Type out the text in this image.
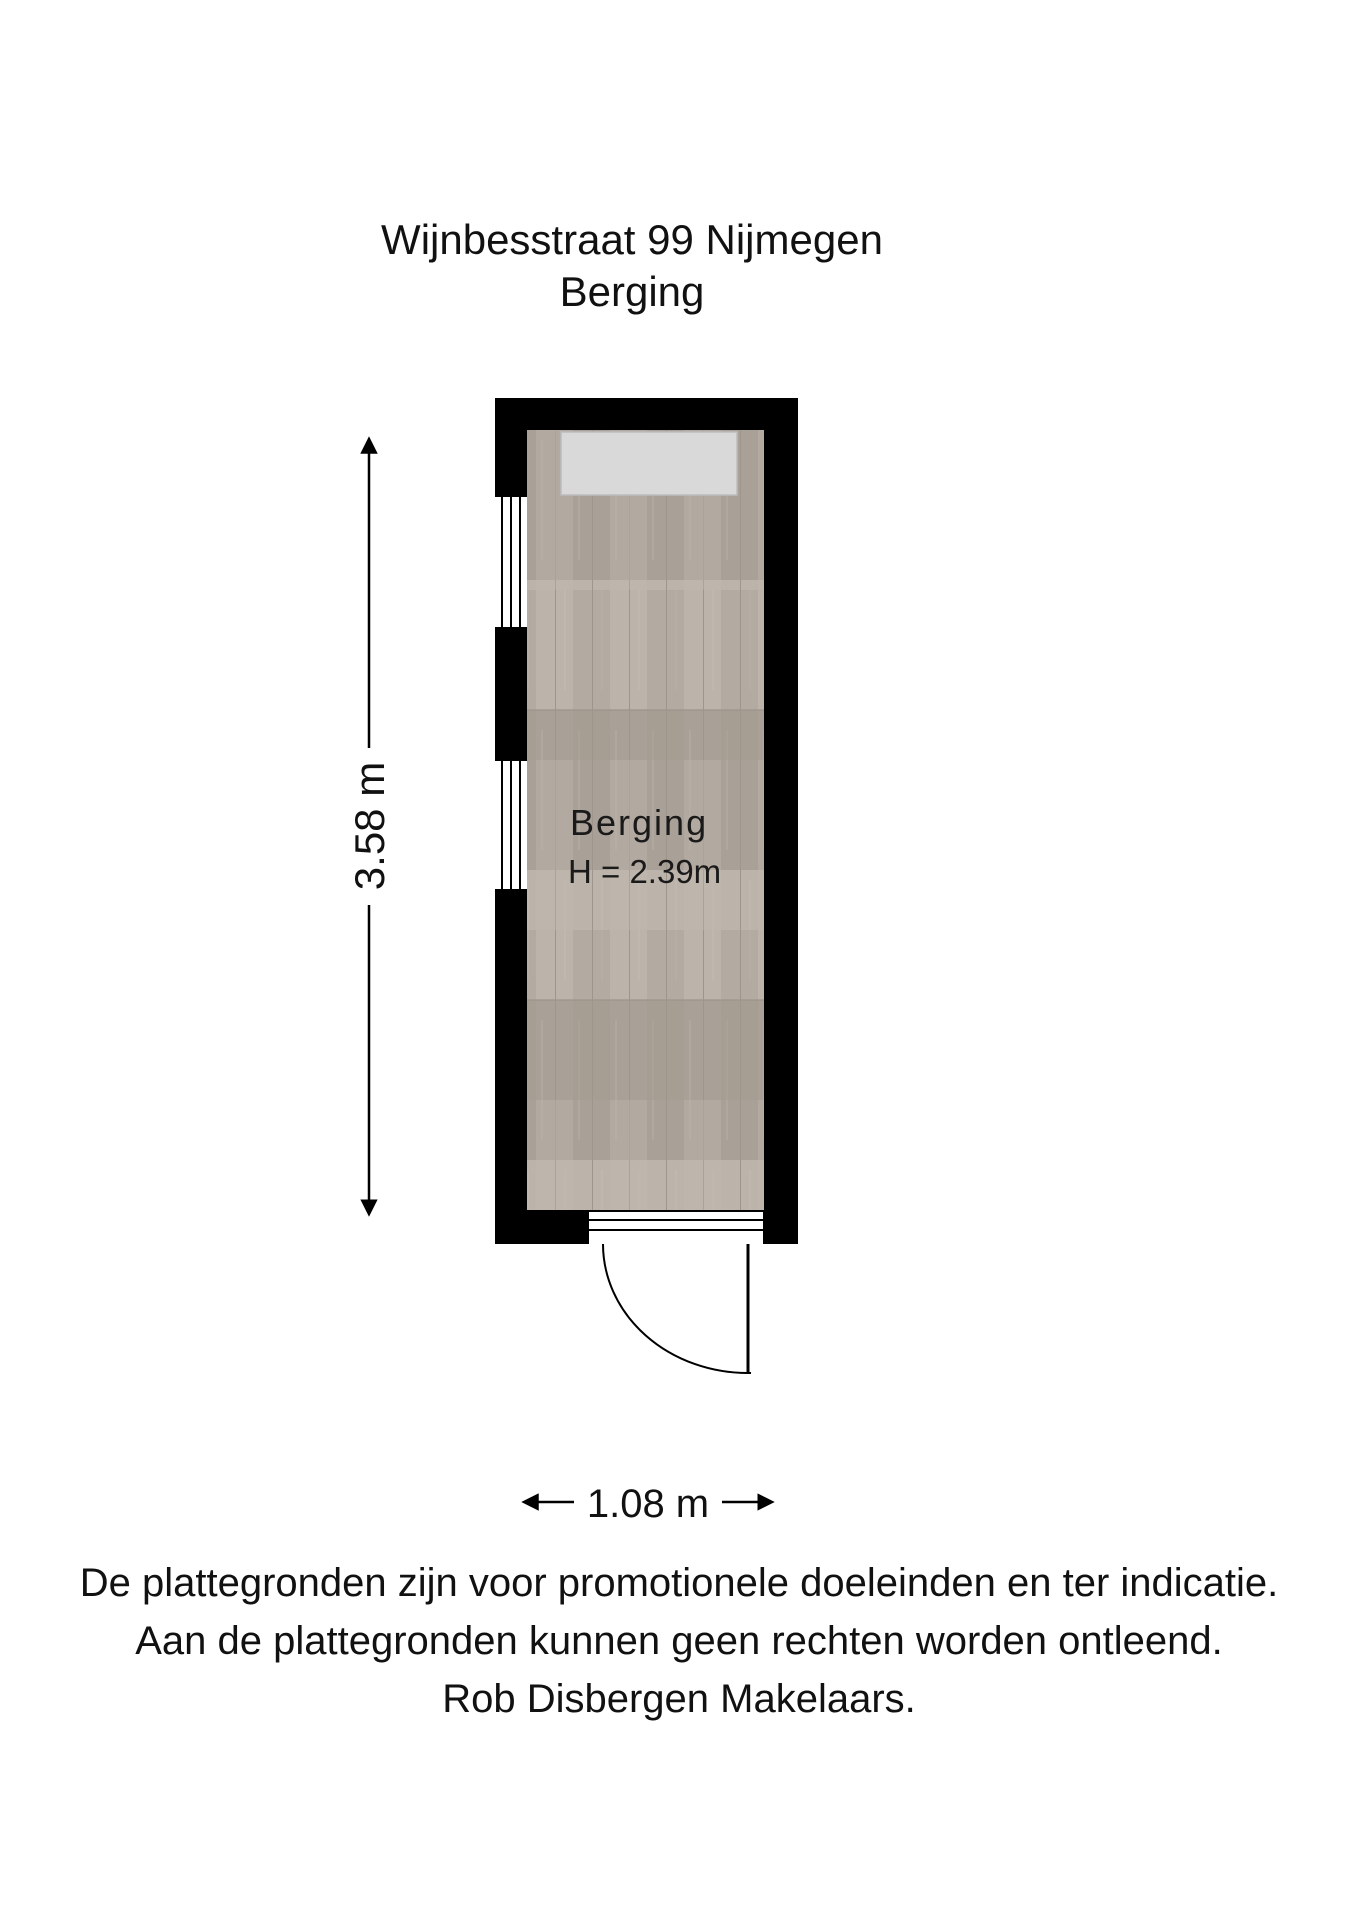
Wijnbesstraat 99 Nijmegen
Berging
Berging
H = 2.39m
3.58 m
1.08 m
De plattegronden zijn voor promotionele doeleinden en ter indicatie.
Aan de plattegronden kunnen geen rechten worden ontleend.
Rob Disbergen Makelaars.
